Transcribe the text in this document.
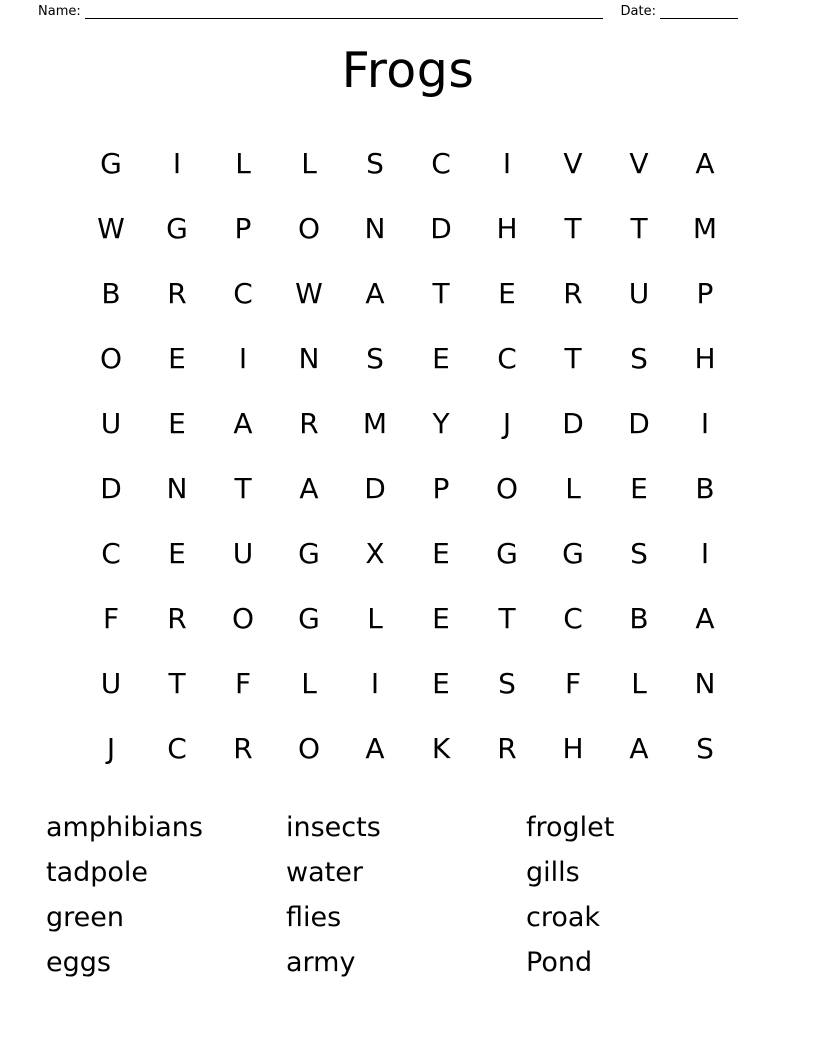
Name:	Date:
Frogs
G	I	L	L	S	C	I	V	V	A
W	G	P	O	N	D	H	T	T	M
B	R	C	W	A	T	E	R	U	P
O	E	I	N	S	E	C	T	S	H
U	E	A	R	M	Y	J	D	D	I
D	N	T	A	D	P	O	L	E	B
C	E	U	G	X	E	G	G	S	I
F	R	O	G	L	E	T	C	B	A
U	T	F	L	I	E	S	F	L	N
J	C	R	O	A	K	R	H	A	S
amphibians
tadpole
green
eggs
insects
water
flies
army
froglet
gills
croak
Pond
